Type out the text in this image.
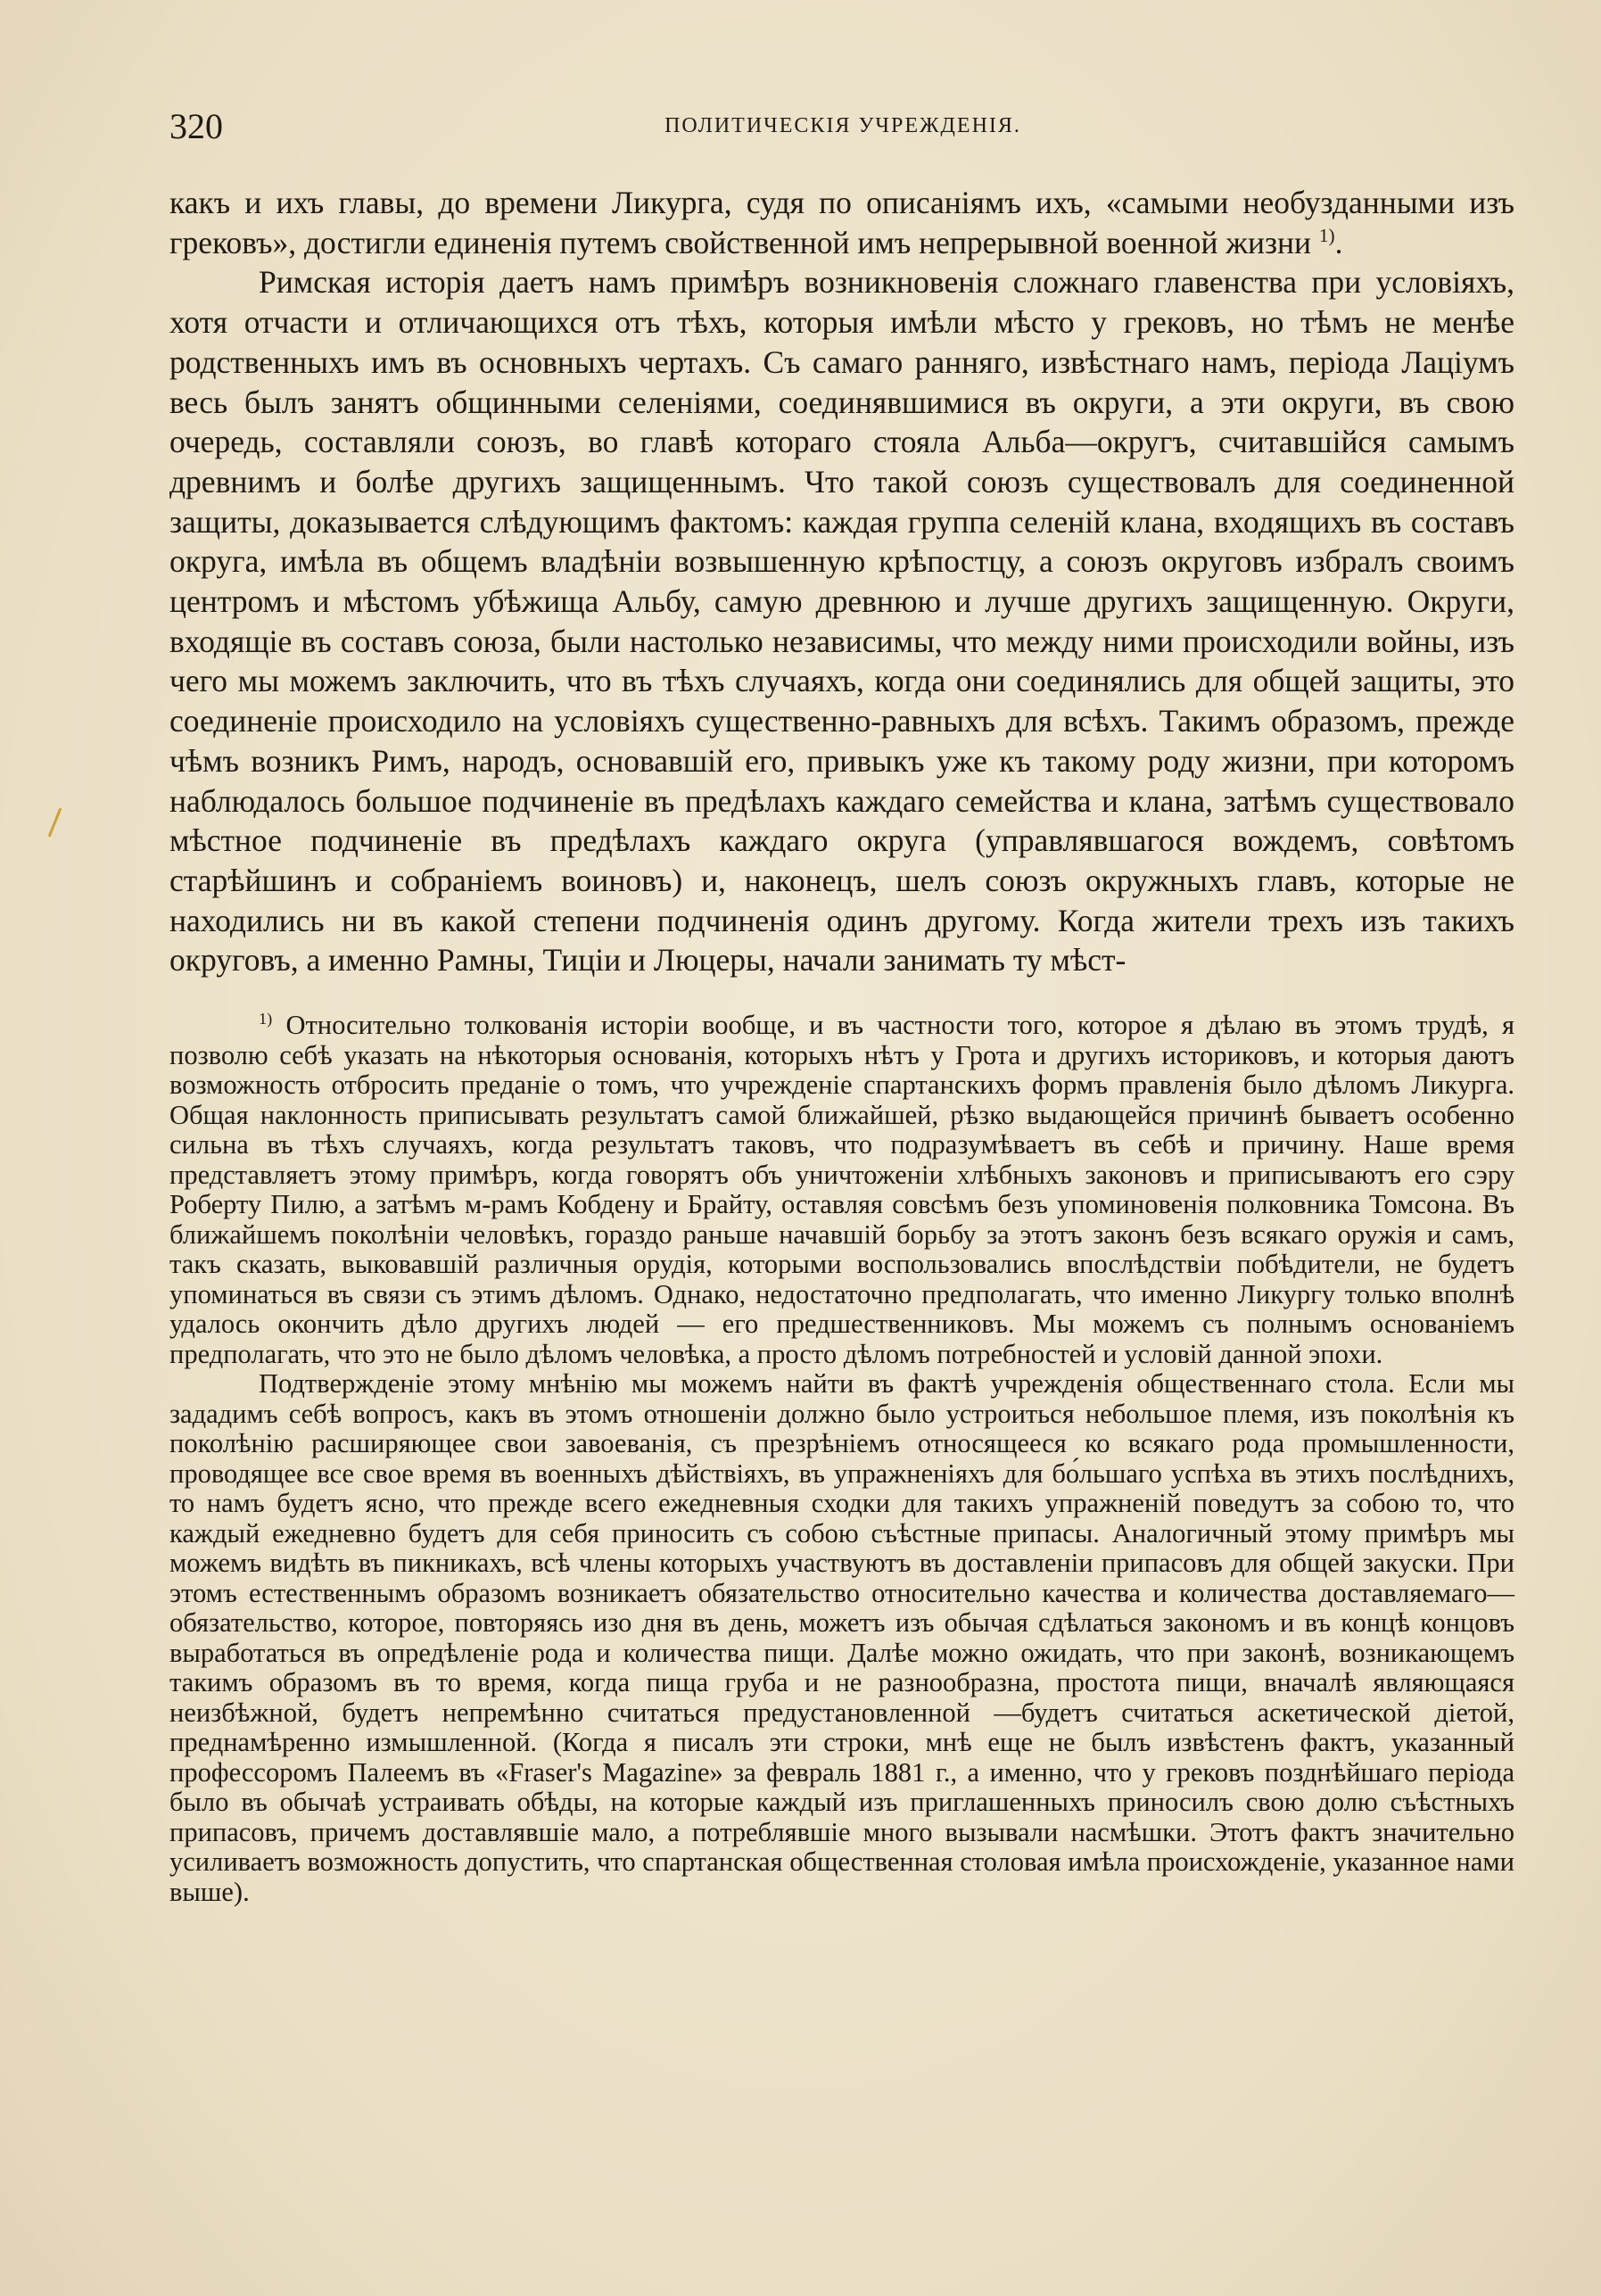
320	ПОЛИТИЧЕСКІЯ УЧРЕЖДЕНІЯ.

какъ и ихъ главы, до времени Ликурга, судя по описаніямъ ихъ, «самыми необузданными изъ грековъ», достигли единенія путемъ свойственной имъ непрерывной военной жизни $^{1)}$.

Римская исторія даетъ намъ примѣръ возникновенія сложнаго главенства при условіяхъ, хотя отчасти и отличающихся отъ тѣхъ, которыя имѣли мѣсто у грековъ, но тѣмъ не менѣе родственныхъ имъ въ основныхъ чертахъ. Съ самаго ранняго, извѣстнаго намъ, періода Лаціумъ весь былъ занятъ общинными селеніями, соединявшимися въ округи, а эти округи, въ свою очередь, составляли союзъ, во главѣ котораго стояла Альба—округъ, считавшійся самымъ древнимъ и болѣе другихъ защищеннымъ. Что такой союзъ существовалъ для соединенной защиты, доказывается слѣдующимъ фактомъ: каждая группа селеній клана, входящихъ въ составъ округа, имѣла въ общемъ владѣніи возвышенную крѣпостцу, а союзъ округовъ избралъ своимъ центромъ и мѣстомъ убѣжища Альбу, самую древнюю и лучше другихъ защищенную. Округи, входящіе въ составъ союза, были настолько независимы, что между ними происходили войны, изъ чего мы можемъ заключить, что въ тѣхъ случаяхъ, когда они соединялись для общей защиты, это соединеніе происходило на условіяхъ существенно-равныхъ для всѣхъ. Такимъ образомъ, прежде чѣмъ возникъ Римъ, народъ, основавшій его, привыкъ уже къ такому роду жизни, при которомъ наблюдалось большое подчиненіе въ предѣлахъ каждаго семейства и клана, затѣмъ существовало мѣстное подчиненіе въ предѣлахъ каждаго округа (управлявшагося вождемъ, совѣтомъ старѣйшинъ и собраніемъ воиновъ) и, наконецъ, шелъ союзъ окружныхъ главъ, которые не находились ни въ какой степени подчиненія одинъ другому. Когда жители трехъ изъ такихъ округовъ, а именно Рамны, Тиціи и Люцеры, начали занимать ту мѣст-

$^{1)}$ Относительно толкованія исторіи вообще, и въ частности того, которое я дѣлаю въ этомъ трудѣ, я позволю себѣ указать на нѣкоторыя основанія, которыхъ нѣтъ у Грота и другихъ историковъ, и которыя даютъ возможность отбросить преданіе о томъ, что учрежденіе спартанскихъ формъ правленія было дѣломъ Ликурга. Общая наклонность приписывать результатъ самой ближайшей, рѣзко выдающейся причинѣ бываетъ особенно сильна въ тѣхъ случаяхъ, когда результатъ таковъ, что подразумѣваетъ въ себѣ и причину. Наше время представляетъ этому примѣръ, когда говорятъ объ уничтоженіи хлѣбныхъ законовъ и приписываютъ его сэру Роберту Пилю, а затѣмъ м-рамъ Кобдену и Брайту, оставляя совсѣмъ безъ упоминовенія полковника Томсона. Въ ближайшемъ поколѣніи человѣкъ, гораздо раньше начавшій борьбу за этотъ законъ безъ всякаго оружія и самъ, такъ сказать, выковавшій различныя орудія, которыми воспользовались впослѣдствіи побѣдители, не будетъ упоминаться въ связи съ этимъ дѣломъ. Однако, недостаточно предполагать, что именно Ликургу только вполнѣ удалось окончить дѣло другихъ людей — его предшественниковъ. Мы можемъ съ полнымъ основаніемъ предполагать, что это не было дѣломъ человѣка, а просто дѣломъ потребностей и условій данной эпохи.

Подтвержденіе этому мнѣнію мы можемъ найти въ фактѣ учрежденія общественнаго стола. Если мы зададимъ себѣ вопросъ, какъ въ этомъ отношеніи должно было устроиться небольшое племя, изъ поколѣнія къ поколѣнію расширяющее свои завоеванія, съ презрѣніемъ относящееся ко всякаго рода промышленности, проводящее все свое время въ военныхъ дѣйствіяхъ, въ упражненіяхъ для бо́льшаго успѣха въ этихъ послѣднихъ, то намъ будетъ ясно, что прежде всего ежедневныя сходки для такихъ упражненій поведутъ за собою то, что каждый ежедневно будетъ для себя приносить съ собою съѣстные припасы. Аналогичный этому примѣръ мы можемъ видѣть въ пикникахъ, всѣ члены которыхъ участвуютъ въ доставленіи припасовъ для общей закуски. При этомъ естественнымъ образомъ возникаетъ обязательство относительно качества и количества доставляемаго—обязательство, которое, повторяясь изо дня въ день, можетъ изъ обычая сдѣлаться закономъ и въ концѣ концовъ выработаться въ опредѣленіе рода и количества пищи. Далѣе можно ожидать, что при законѣ, возникающемъ такимъ образомъ въ то время, когда пища груба и не разнообразна, простота пищи, вначалѣ являющаяся неизбѣжной, будетъ непремѣнно считаться предустановленной —будетъ считаться аскетической діетой, преднамѣренно измышленной. (Когда я писалъ эти строки, мнѣ еще не былъ извѣстенъ фактъ, указанный профессоромъ Палеемъ въ «Fraser's Magazine» за февраль 1881 г., а именно, что у грековъ позднѣйшаго періода было въ обычаѣ устраивать обѣды, на которые каждый изъ приглашенныхъ приносилъ свою долю съѣстныхъ припасовъ, причемъ доставлявшіе мало, а потреблявшіе много вызывали насмѣшки. Этотъ фактъ значительно усиливаетъ возможность допустить, что спартанская общественная столовая имѣла происхожденіе, указанное нами выше).
